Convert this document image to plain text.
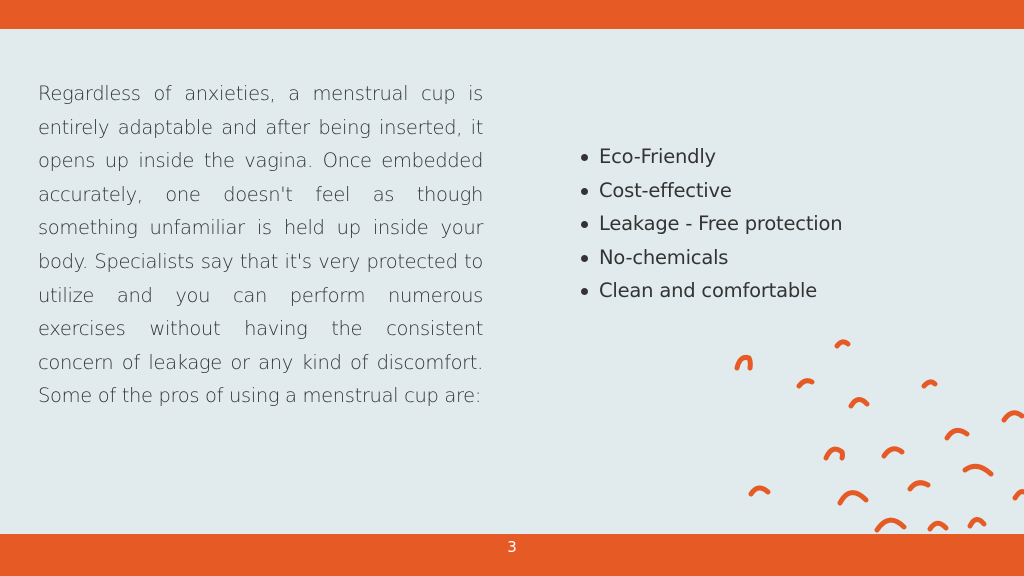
Regardless of anxieties, a menstrual cup is entirely adaptable and after being inserted, it opens up inside the vagina. Once embedded accurately, one doesn't feel as though something unfamiliar is held up inside your body. Specialists say that it's very protected to utilize and you can perform numerous exercises without having the consistent concern of leakage or any kind of discomfort. Some of the pros of using a menstrual cup are:
Eco-Friendly
Cost-effective
Leakage - Free protection
No-chemicals
Clean and comfortable
3
